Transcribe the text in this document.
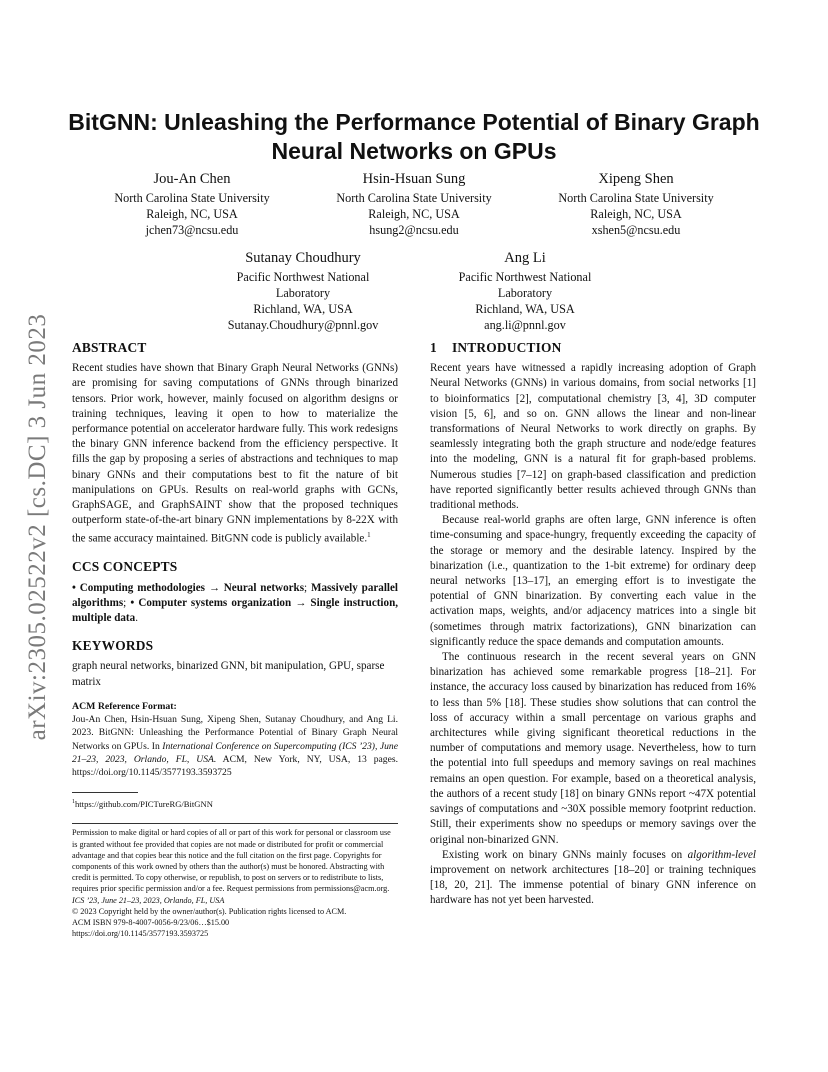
arXiv:2305.02522v2 [cs.DC] 3 Jun 2023
BitGNN: Unleashing the Performance Potential of Binary Graph
Neural Networks on GPUs
Jou-An Chen
North Carolina State University
Raleigh, NC, USA
jchen73@ncsu.edu
Hsin-Hsuan Sung
North Carolina State University
Raleigh, NC, USA
hsung2@ncsu.edu
Xipeng Shen
North Carolina State University
Raleigh, NC, USA
xshen5@ncsu.edu
Sutanay Choudhury
Pacific Northwest National
Laboratory
Richland, WA, USA
Sutanay.Choudhury@pnnl.gov
Ang Li
Pacific Northwest National
Laboratory
Richland, WA, USA
ang.li@pnnl.gov
ABSTRACT

Recent studies have shown that Binary Graph Neural Networks (GNNs) are promising for saving computations of GNNs through binarized tensors. Prior work, however, mainly focused on algorithm designs or training techniques, leaving it open to how to materialize the performance potential on accelerator hardware fully. This work redesigns the binary GNN inference backend from the efficiency perspective. It fills the gap by proposing a series of abstractions and techniques to map binary GNNs and their computations best to fit the nature of bit manipulations on GPUs. Results on real-world graphs with GCNs, GraphSAGE, and GraphSAINT show that the proposed techniques outperform state-of-the-art binary GNN implementations by 8-22X with the same accuracy maintained. BitGNN code is publicly available.$^1$

CCS CONCEPTS

• Computing methodologies → Neural networks; Massively parallel algorithms; • Computer systems organization → Single instruction, multiple data.

KEYWORDS

graph neural networks, binarized GNN, bit manipulation, GPU, sparse matrix

ACM Reference Format:

Jou-An Chen, Hsin-Hsuan Sung, Xipeng Shen, Sutanay Choudhury, and Ang Li. 2023. BitGNN: Unleashing the Performance Potential of Binary Graph Neural Networks on GPUs. In International Conference on Supercomputing (ICS ’23), June 21–23, 2023, Orlando, FL, USA. ACM, New York, NY, USA, 13 pages. https://doi.org/10.1145/3577193.3593725

$^1$https://github.com/PICTureRG/BitGNN

Permission to make digital or hard copies of all or part of this work for personal or classroom use is granted without fee provided that copies are not made or distributed for profit or commercial advantage and that copies bear this notice and the full citation on the first page. Copyrights for components of this work owned by others than the author(s) must be honored. Abstracting with credit is permitted. To copy otherwise, or republish, to post on servers or to redistribute to lists, requires prior specific permission and/or a fee. Request permissions from permissions@acm.org.

ICS ’23, June 21–23, 2023, Orlando, FL, USA
© 2023 Copyright held by the owner/author(s). Publication rights licensed to ACM.
ACM ISBN 979-8-4007-0056-9/23/06…$15.00
https://doi.org/10.1145/3577193.3593725
1 INTRODUCTION

Recent years have witnessed a rapidly increasing adoption of Graph Neural Networks (GNNs) in various domains, from social networks [1] to bioinformatics [2], computational chemistry [3, 4], 3D computer vision [5, 6], and so on. GNN allows the linear and non-linear transformations of Neural Networks to work directly on graphs. By seamlessly integrating both the graph structure and node/edge features into the modeling, GNN is a natural fit for graph-based problems. Numerous studies [7–12] on graph-based classification and prediction have reported significantly better results achieved through GNNs than traditional methods.

Because real-world graphs are often large, GNN inference is often time-consuming and space-hungry, frequently exceeding the capacity of the storage or memory and the desirable latency. Inspired by the binarization (i.e., quantization to the 1-bit extreme) for ordinary deep neural networks [13–17], an emerging effort is to investigate the potential of GNN binarization. By converting each value in the activation maps, weights, and/or adjacency matrices into a single bit (sometimes through matrix factorizations), GNN binarization can significantly reduce the space demands and computation amounts.

The continuous research in the recent several years on GNN binarization has achieved some remarkable progress [18–21]. For instance, the accuracy loss caused by binarization has reduced from 16% to less than 5% [18]. These studies show solutions that can control the loss of accuracy within a small percentage on various graphs and architectures while giving significant theoretical reductions in the number of computations and memory usage. Nevertheless, how to turn the potential into full speedups and memory savings on real machines remains an open question. For example, based on a theoretical analysis, the authors of a recent study [18] on binary GNNs report ~47X potential savings of computations and ~30X possible memory footprint reduction. Still, their experiments show no speedups or memory savings over the original non-binarized GNN.

Existing work on binary GNNs mainly focuses on algorithm-level improvement on network architectures [18–20] or training techniques [18, 20, 21]. The immense potential of binary GNN inference on hardware has not yet been harvested.
